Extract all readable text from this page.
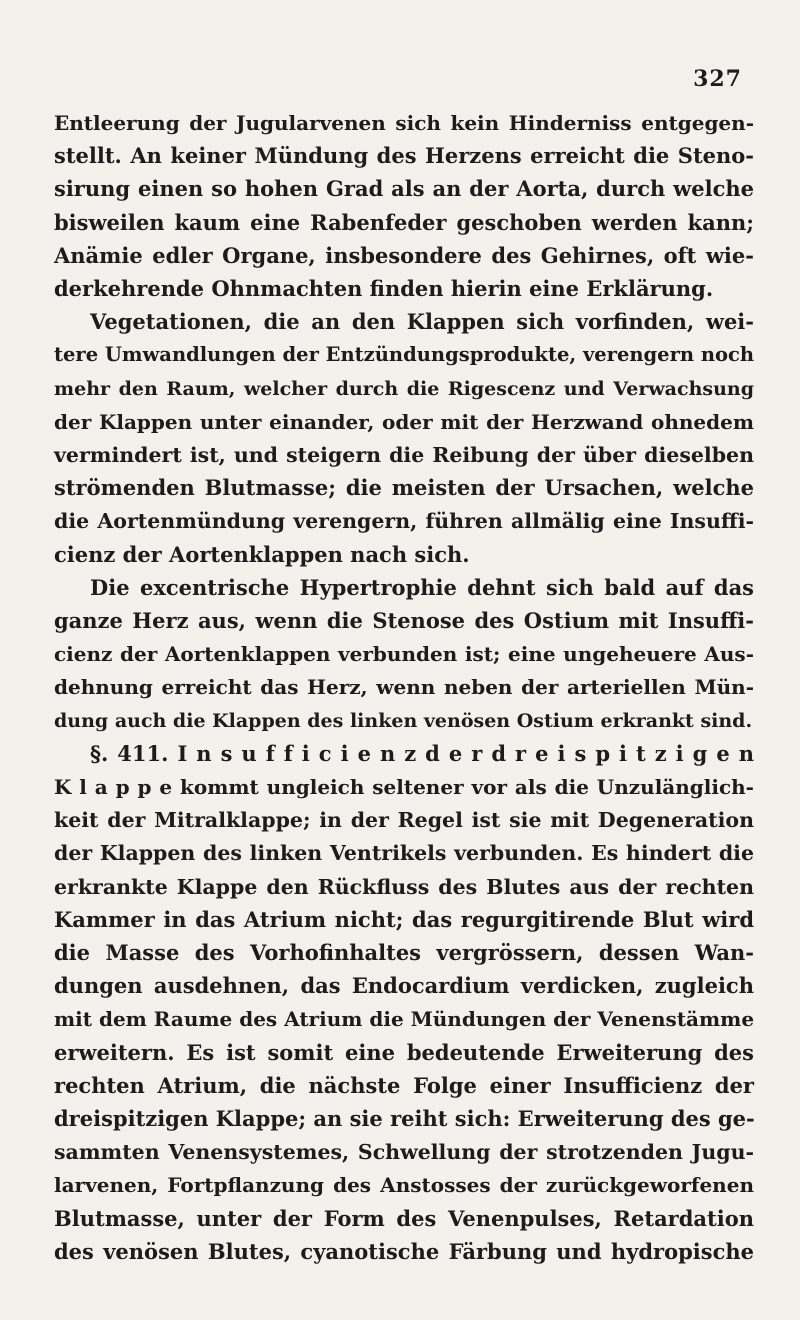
327
Entleerung der Jugularvenen sich kein Hinderniss entgegen-
stellt. An keiner Mündung des Herzens erreicht die Steno-
sirung einen so hohen Grad als an der Aorta, durch welche
bisweilen kaum eine Rabenfeder geschoben werden kann;
Anämie edler Organe, insbesondere des Gehirnes, oft wie-
derkehrende Ohnmachten finden hierin eine Erklärung.
Vegetationen, die an den Klappen sich vorfinden, wei-
tere Umwandlungen der Entzündungsprodukte, verengern noch
mehr den Raum, welcher durch die Rigescenz und Verwachsung
der Klappen unter einander, oder mit der Herzwand ohnedem
vermindert ist, und steigern die Reibung der über dieselben
strömenden Blutmasse; die meisten der Ursachen, welche
die Aortenmündung verengern, führen allmälig eine Insuffi-
cienz der Aortenklappen nach sich.
Die excentrische Hypertrophie dehnt sich bald auf das
ganze Herz aus, wenn die Stenose des Ostium mit Insuffi-
cienz der Aortenklappen verbunden ist; eine ungeheuere Aus-
dehnung erreicht das Herz, wenn neben der arteriellen Mün-
dung auch die Klappen des linken venösen Ostium erkrankt sind.
§. 411. I n s u f f i c i e n z d e r d r e i s p i t z i g e n
K l a p p e kommt ungleich seltener vor als die Unzulänglich-
keit der Mitralklappe; in der Regel ist sie mit Degeneration
der Klappen des linken Ventrikels verbunden. Es hindert die
erkrankte Klappe den Rückfluss des Blutes aus der rechten
Kammer in das Atrium nicht; das regurgitirende Blut wird
die Masse des Vorhofinhaltes vergrössern, dessen Wan-
dungen ausdehnen, das Endocardium verdicken, zugleich
mit dem Raume des Atrium die Mündungen der Venenstämme
erweitern. Es ist somit eine bedeutende Erweiterung des
rechten Atrium, die nächste Folge einer Insufficienz der
dreispitzigen Klappe; an sie reiht sich: Erweiterung des ge-
sammten Venensystemes, Schwellung der strotzenden Jugu-
larvenen, Fortpflanzung des Anstosses der zurückgeworfenen
Blutmasse, unter der Form des Venenpulses, Retardation
des venösen Blutes, cyanotische Färbung und hydropische
